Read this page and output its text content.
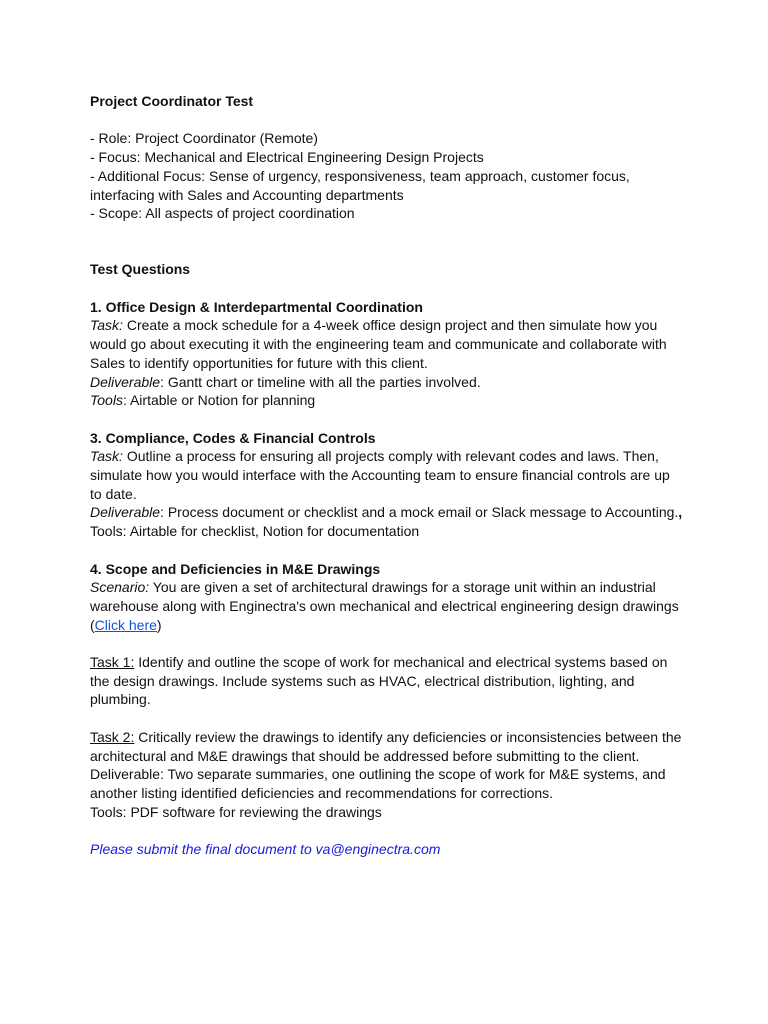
Project Coordinator Test
- Role: Project Coordinator (Remote)
- Focus: Mechanical and Electrical Engineering Design Projects
- Additional Focus: Sense of urgency, responsiveness, team approach, customer focus,
interfacing with Sales and Accounting departments
- Scope: All aspects of project coordination
Test Questions
1. Office Design & Interdepartmental Coordination
Task: Create a mock schedule for a 4-week office design project and then simulate how you
would go about executing it with the engineering team and communicate and collaborate with
Sales to identify opportunities for future with this client.
Deliverable: Gantt chart or timeline with all the parties involved.
Tools: Airtable or Notion for planning
3. Compliance, Codes & Financial Controls
Task: Outline a process for ensuring all projects comply with relevant codes and laws. Then,
simulate how you would interface with the Accounting team to ensure financial controls are up
to date.
Deliverable: Process document or checklist and a mock email or Slack message to Accounting.,
Tools: Airtable for checklist, Notion for documentation
4. Scope and Deficiencies in M&E Drawings
Scenario: You are given a set of architectural drawings for a storage unit within an industrial
warehouse along with Enginectra's own mechanical and electrical engineering design drawings
(Click here)
Task 1: Identify and outline the scope of work for mechanical and electrical systems based on
the design drawings. Include systems such as HVAC, electrical distribution, lighting, and
plumbing.
Task 2: Critically review the drawings to identify any deficiencies or inconsistencies between the
architectural and M&E drawings that should be addressed before submitting to the client.
Deliverable: Two separate summaries, one outlining the scope of work for M&E systems, and
another listing identified deficiencies and recommendations for corrections.
Tools: PDF software for reviewing the drawings
Please submit the final document to va@enginectra.com
